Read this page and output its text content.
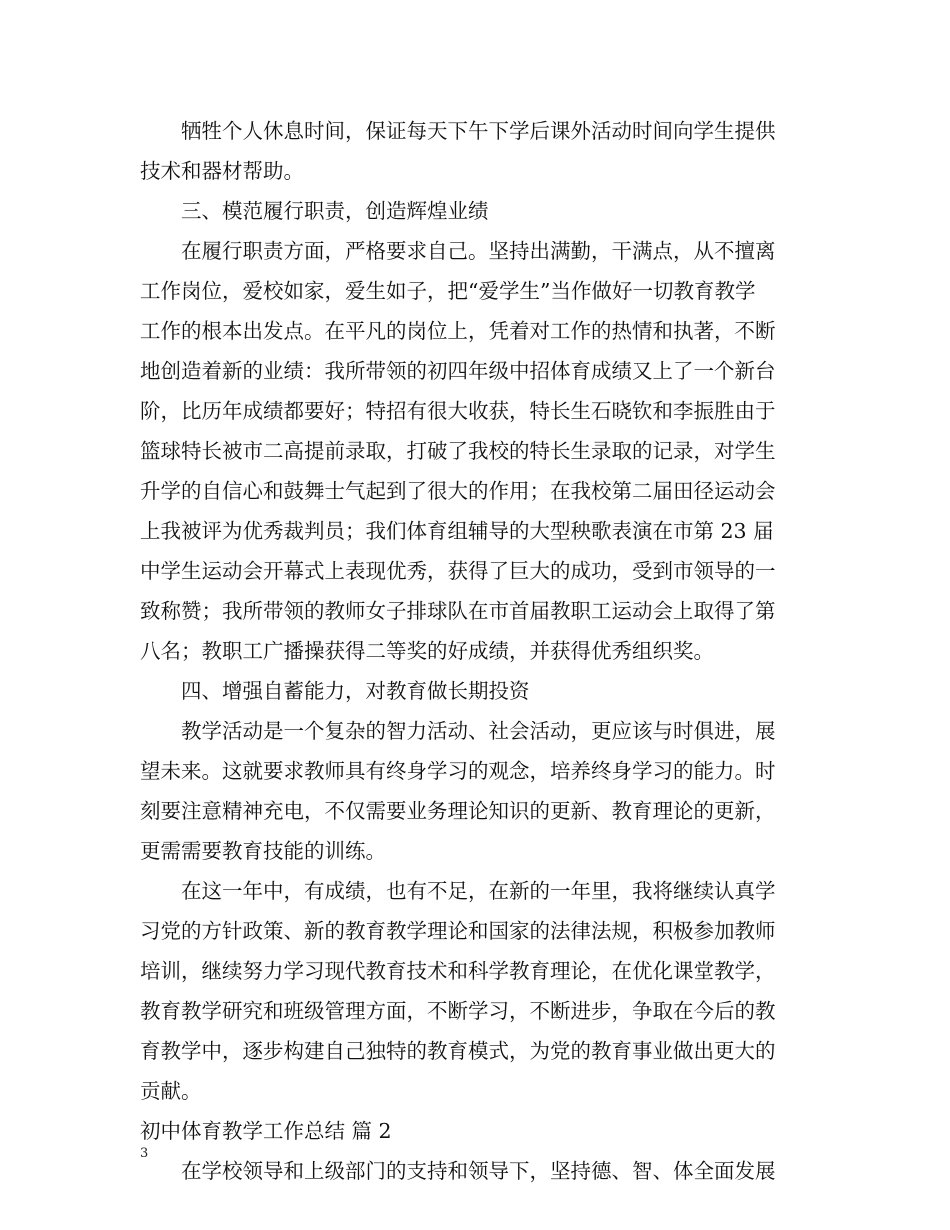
牺牲个人休息时间，保证每天下午下学后课外活动时间向学生提供
技术和器材帮助。
三、模范履行职责，创造辉煌业绩
在履行职责方面，严格要求自己。坚持出满勤，干满点，从不擅离
工作岗位，爱校如家，爱生如子，把“爱学生”当作做好一切教育教学
工作的根本出发点。在平凡的岗位上，凭着对工作的热情和执著，不断
地创造着新的业绩：我所带领的初四年级中招体育成绩又上了一个新台
阶，比历年成绩都要好；特招有很大收获，特长生石晓钦和李振胜由于
篮球特长被市二高提前录取，打破了我校的特长生录取的记录，对学生
升学的自信心和鼓舞士气起到了很大的作用；在我校第二届田径运动会
上我被评为优秀裁判员；我们体育组辅导的大型秧歌表演在市第 23 届
中学生运动会开幕式上表现优秀，获得了巨大的成功，受到市领导的一
致称赞；我所带领的教师女子排球队在市首届教职工运动会上取得了第
八名；教职工广播操获得二等奖的好成绩，并获得优秀组织奖。
四、增强自蓄能力，对教育做长期投资
教学活动是一个复杂的智力活动、社会活动，更应该与时俱进，展
望未来。这就要求教师具有终身学习的观念，培养终身学习的能力。时
刻要注意精神充电，不仅需要业务理论知识的更新、教育理论的更新，
更需需要教育技能的训练。
在这一年中，有成绩，也有不足，在新的一年里，我将继续认真学
习党的方针政策、新的教育教学理论和国家的法律法规，积极参加教师
培训，继续努力学习现代教育技术和科学教育理论，在优化课堂教学，
教育教学研究和班级管理方面，不断学习，不断进步，争取在今后的教
育教学中，逐步构建自己独特的教育模式，为党的教育事业做出更大的
贡献。
初中体育教学工作总结 篇 2
在学校领导和上级部门的支持和领导下，坚持德、智、体全面发展
3
